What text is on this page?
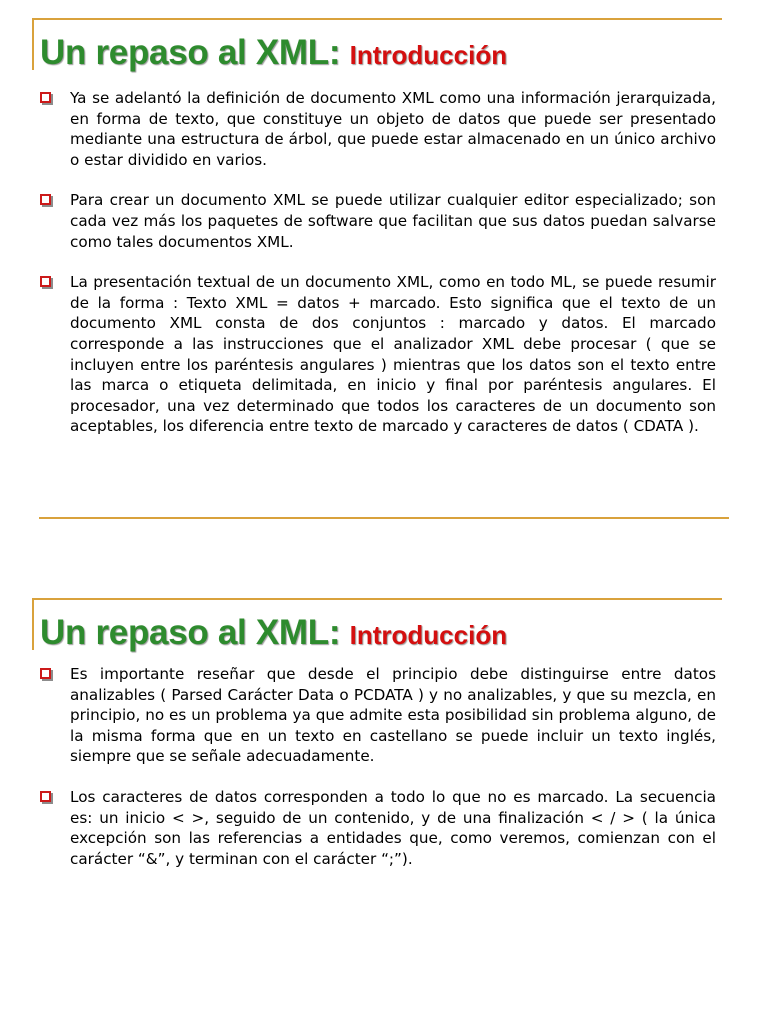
Un repaso al XML: Introducción
Ya se adelantó la definición de documento XML como una información jerarquizada, en forma de texto, que constituye un objeto de datos que puede ser presentado mediante una estructura de árbol, que puede estar almacenado en un único archivo o estar dividido en varios.
Para crear un documento XML se puede utilizar cualquier editor especializado; son cada vez más los paquetes de software que facilitan que sus datos puedan salvarse como tales documentos XML.
La presentación textual de un documento XML, como en todo ML, se puede resumir de la forma : Texto XML = datos + marcado. Esto significa que el texto de un documento XML consta de dos conjuntos : marcado y datos. El marcado corresponde a las instrucciones que el analizador XML debe procesar ( que se incluyen entre los paréntesis angulares ) mientras que los datos son el texto entre las marca o etiqueta delimitada, en inicio y final por paréntesis angulares. El procesador, una vez determinado que todos los caracteres de un documento son aceptables, los diferencia entre texto de marcado y caracteres de datos ( CDATA ).
Un repaso al XML: Introducción
Es importante reseñar que desde el principio debe distinguirse entre datos analizables ( Parsed Carácter Data o PCDATA ) y no analizables, y que su mezcla, en principio, no es un problema ya que admite esta posibilidad sin problema alguno, de la misma forma que en un texto en castellano se puede incluir un texto inglés, siempre que se señale adecuadamente.
Los caracteres de datos corresponden a todo lo que no es marcado. La secuencia es: un inicio < >, seguido de un contenido, y de una finalización < / > ( la única excepción son las referencias a entidades que, como veremos, comienzan con el carácter “&”, y terminan con el carácter “;”).
